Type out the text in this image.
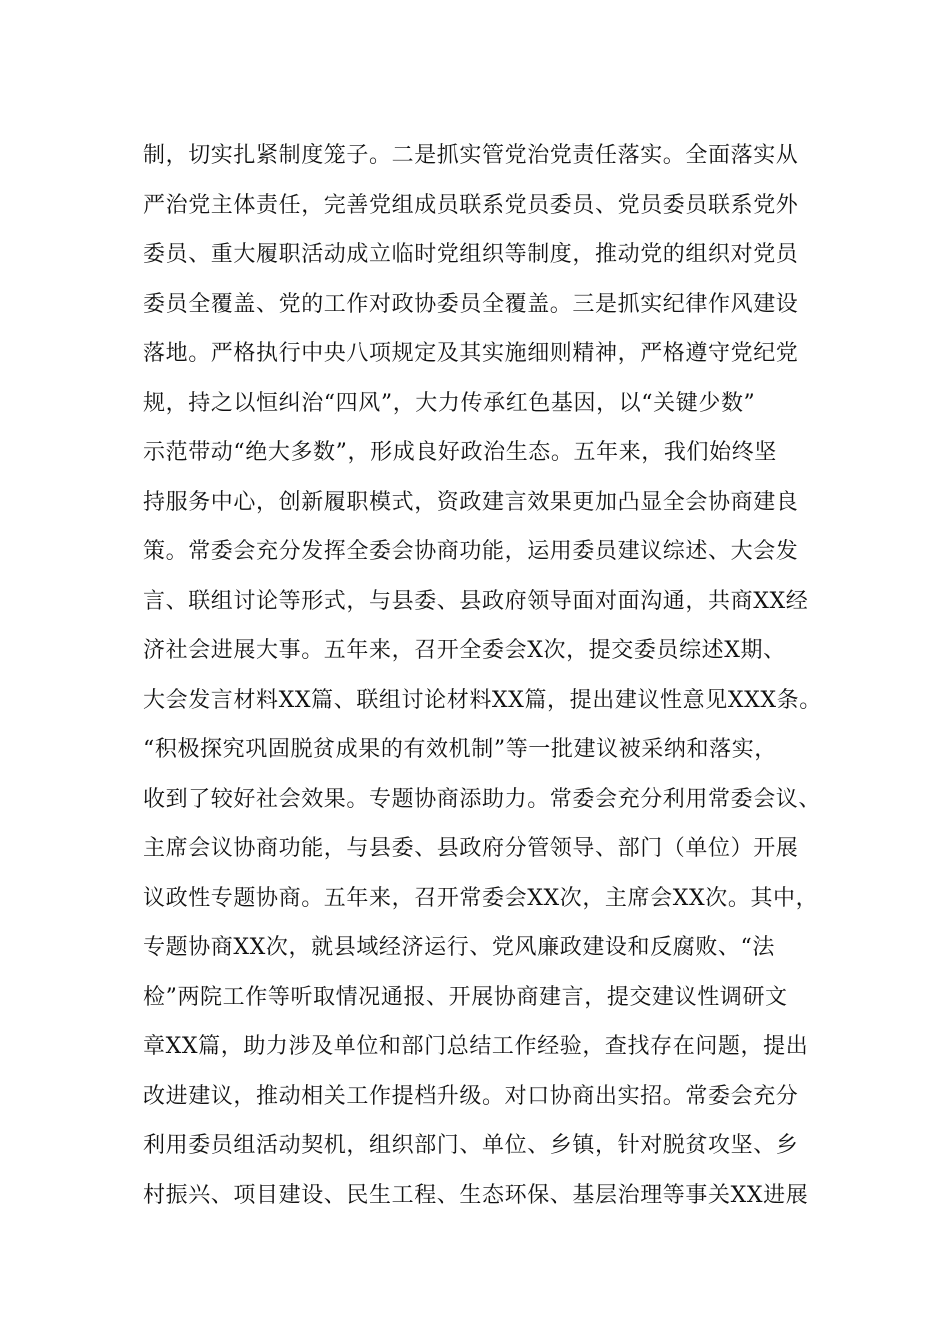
制，切实扎紧制度笼子。二是抓实管党治党责任落实。全面落实从
严治党主体责任，完善党组成员联系党员委员、党员委员联系党外
委员、重大履职活动成立临时党组织等制度，推动党的组织对党员
委员全覆盖、党的工作对政协委员全覆盖。三是抓实纪律作风建设
落地。严格执行中央八项规定及其实施细则精神，严格遵守党纪党
规，持之以恒纠治“四风”，大力传承红色基因，以“关键少数”
示范带动“绝大多数”，形成良好政治生态。五年来，我们始终坚
持服务中心，创新履职模式，资政建言效果更加凸显全会协商建良
策。常委会充分发挥全委会协商功能，运用委员建议综述、大会发
言、联组讨论等形式，与县委、县政府领导面对面沟通，共商XX经
济社会进展大事。五年来，召开全委会X次，提交委员综述X期、
大会发言材料XX篇、联组讨论材料XX篇，提出建议性意见XXX条。
“积极探究巩固脱贫成果的有效机制”等一批建议被采纳和落实，
收到了较好社会效果。专题协商添助力。常委会充分利用常委会议、
主席会议协商功能，与县委、县政府分管领导、部门（单位）开展
议政性专题协商。五年来，召开常委会XX次，主席会XX次。其中，
专题协商XX次，就县域经济运行、党风廉政建设和反腐败、“法
检”两院工作等听取情况通报、开展协商建言，提交建议性调研文
章XX篇，助力涉及单位和部门总结工作经验，查找存在问题，提出
改进建议，推动相关工作提档升级。对口协商出实招。常委会充分
利用委员组活动契机，组织部门、单位、乡镇，针对脱贫攻坚、乡
村振兴、项目建设、民生工程、生态环保、基层治理等事关XX进展
